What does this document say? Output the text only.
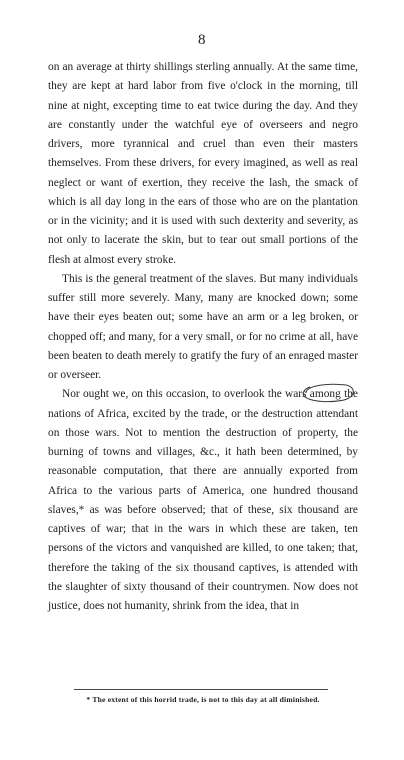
8

on an average at thirty shillings sterling annually. At the same time, they are kept at hard labor from five o'clock in the morning, till nine at night, excepting time to eat twice during the day. And they are constantly under the watchful eye of overseers and negro drivers, more tyrannical and cruel than even their masters themselves. From these drivers, for every imagined, as well as real neglect or want of exertion, they receive the lash, the smack of which is all day long in the ears of those who are on the plantation or in the vicinity; and it is used with such dexterity and severity, as not only to lacerate the skin, but to tear out small portions of the flesh at almost every stroke.

This is the general treatment of the slaves. But many individuals suffer still more severely. Many, many are knocked down; some have their eyes beaten out; some have an arm or a leg broken, or chopped off; and many, for a very small, or for no crime at all, have been beaten to death merely to gratify the fury of an enraged master or overseer.

Nor ought we, on this occasion, to overlook the wars among the nations of Africa, excited by the trade, or the destruction attendant on those wars. Not to mention the destruction of property, the burning of towns and villages, &c., it hath been determined, by reasonable computation, that there are annually exported from Africa to the various parts of America, one hundred thousand slaves,* as was before observed; that of these, six thousand are captives of war; that in the wars in which these are taken, ten persons of the victors and vanquished are killed, to one taken; that, therefore the taking of the six thousand captives, is attended with the slaughter of sixty thousand of their countrymen. Now does not justice, does not humanity, shrink from the idea, that in

* The extent of this horrid trade, is not to this day at all diminished.
